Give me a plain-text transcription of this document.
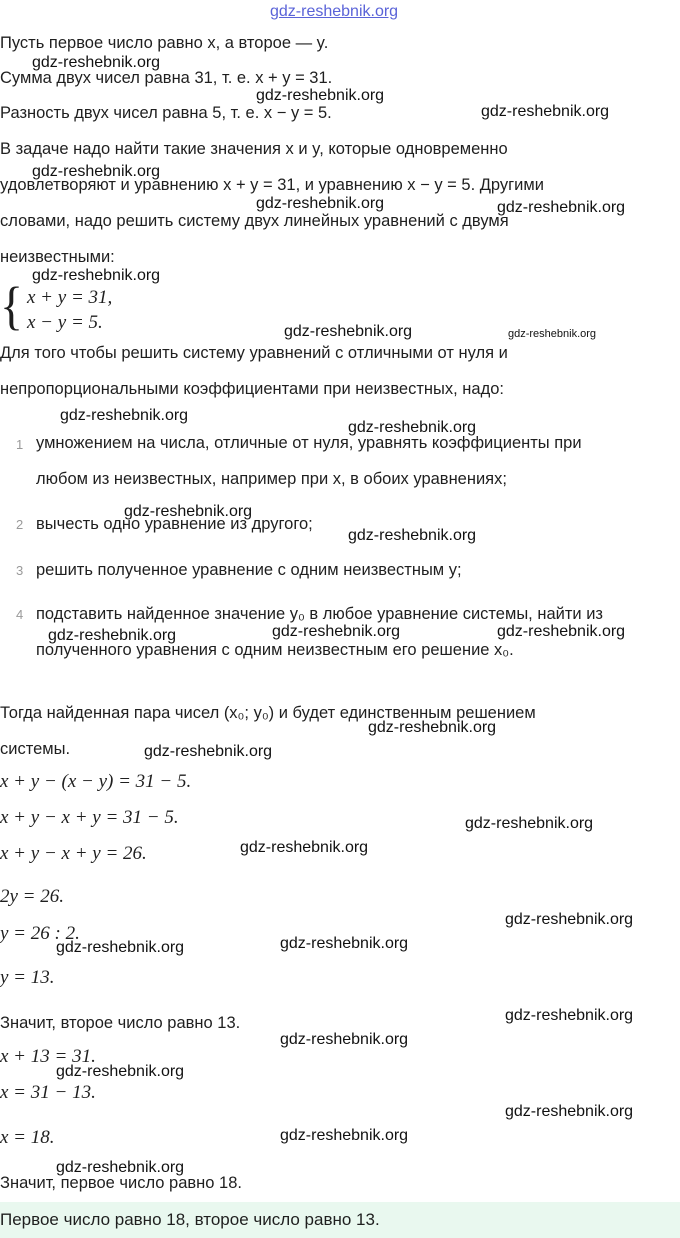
gdz-reshebnik.org
Пусть первое число равно x, а второе — y.
Сумма двух чисел равна 31, т. е. x + y = 31.
Разность двух чисел равна 5, т. е. x − y = 5.
В задаче надо найти такие значения x и y, которые одновременно
удовлетворяют и уравнению x + y = 31, и уравнению x − y = 5. Другими
словами, надо решить систему двух линейных уравнений с двумя
неизвестными:
{ x + y = 31,
x − y = 5.
Для того чтобы решить систему уравнений с отличными от нуля и
непропорциональными коэффициентами при неизвестных, надо:
1 умножением на числа, отличные от нуля, уравнять коэффициенты при
любом из неизвестных, например при x, в обоих уравнениях;
2 вычесть одно уравнение из другого;
3 решить полученное уравнение с одним неизвестным y;
4 подставить найденное значение y₀ в любое уравнение системы, найти из
полученного уравнения с одним неизвестным его решение x₀.
Тогда найденная пара чисел (x₀; y₀) и будет единственным решением
системы.
x + y − (x − y) = 31 − 5.
x + y − x + y = 31 − 5.
x + y − x + y = 26.
2y = 26.
y = 26 : 2.
y = 13.
Значит, второе число равно 13.
x + 13 = 31.
x = 31 − 13.
x = 18.
Значит, первое число равно 18.
Первое число равно 18, второе число равно 13.
gdz-reshebnik.org
gdz-reshebnik.org
gdz-reshebnik.org
gdz-reshebnik.org
gdz-reshebnik.org	gdz-reshebnik.org
gdz-reshebnik.org
gdz-reshebnik.org	gdz-reshebnik.org
gdz-reshebnik.org
gdz-reshebnik.org
gdz-reshebnik.org
gdz-reshebnik.org
gdz-reshebnik.org	gdz-reshebnik.org	gdz-reshebnik.org
gdz-reshebnik.org
gdz-reshebnik.org
gdz-reshebnik.org
gdz-reshebnik.org
gdz-reshebnik.org
gdz-reshebnik.org	gdz-reshebnik.org
gdz-reshebnik.org
gdz-reshebnik.org
gdz-reshebnik.org
gdz-reshebnik.org
gdz-reshebnik.org
gdz-reshebnik.org
